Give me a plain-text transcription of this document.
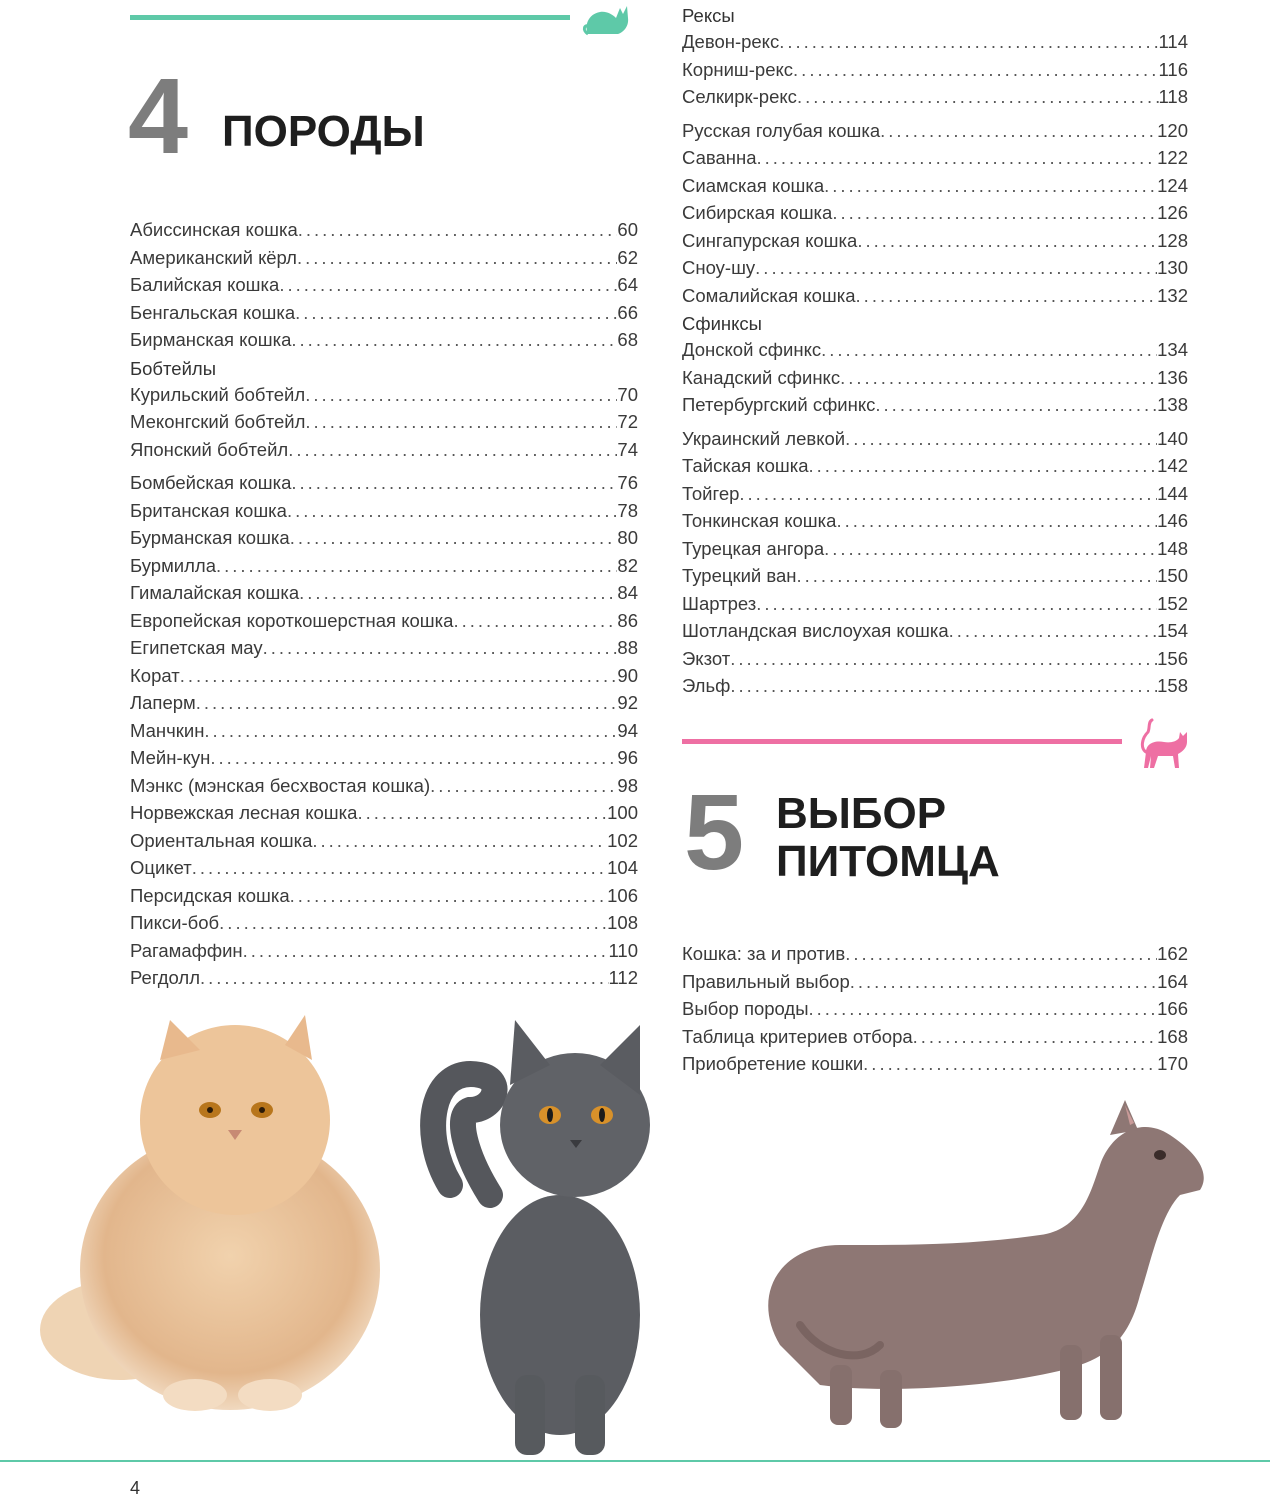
4 ПОРОДЫ
Абиссинская кошка .....	60
Американский кёрл .....	62
Балийская кошка .....	64
Бенгальская кошка .....	66
Бирманская кошка .....	68
Бобтейлы
Курильский бобтейл .....	70
Меконгский бобтейл .....	72
Японский бобтейл .....	74
Бомбейская кошка .....	76
Британская кошка .....	78
Бурманская кошка .....	80
Бурмилла .....	82
Гималайская кошка .....	84
Европейская короткошерстная кошка .....	86
Египетская мау .....	88
Корат .....	90
Лаперм .....	92
Манчкин .....	94
Мейн-кун .....	96
Мэнкс (мэнская бесхвостая кошка) .....	98
Норвежская лесная кошка .....	100
Ориентальная кошка .....	102
Оцикет .....	104
Персидская кошка .....	106
Пикси-боб .....	108
Рагамаффин .....	110
Регдолл .....	112
Рексы
Девон-рекс .....	114
Корниш-рекс .....	116
Селкирк-рекс .....	118
Русская голубая кошка .....	120
Саванна .....	122
Сиамская кошка .....	124
Сибирская кошка .....	126
Сингапурская кошка .....	128
Сноу-шу .....	130
Сомалийская кошка .....	132
Сфинксы
Донской сфинкс .....	134
Канадский сфинкс .....	136
Петербургский сфинкс .....	138
Украинский левкой .....	140
Тайская кошка .....	142
Тойгер .....	144
Тонкинская кошка .....	146
Турецкая ангора .....	148
Турецкий ван .....	150
Шартрез .....	152
Шотландская вислоухая кошка .....	154
Экзот .....	156
Эльф .....	158
5 ВЫБОР
ПИТОМЦА
Кошка: за и против .....	162
Правильный выбор .....	164
Выбор породы .....	166
Таблица критериев отбора .....	168
Приобретение кошки .....	170
4
